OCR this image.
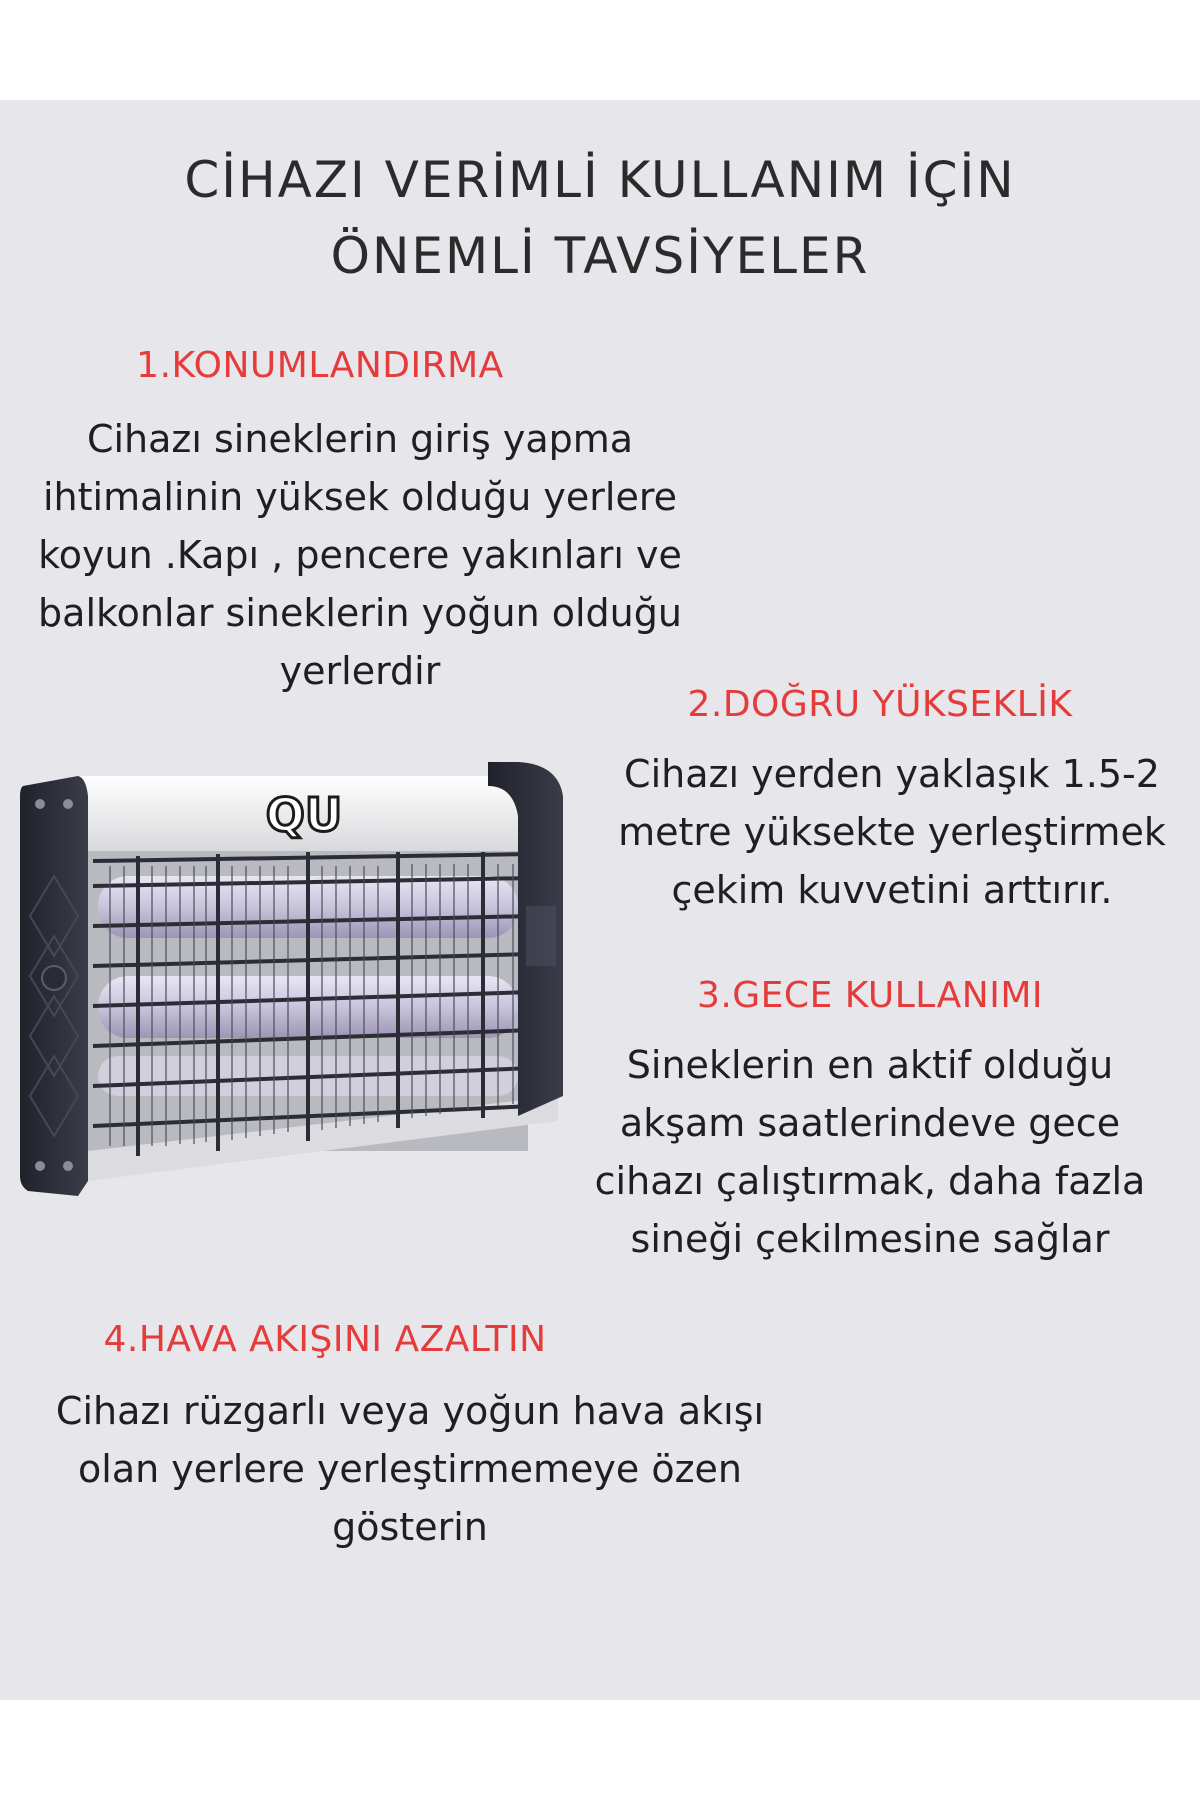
CİHAZI VERİMLİ KULLANIM İÇİN
ÖNEMLİ TAVSİYELER
1.KONUMLANDIRMA
Cihazı sineklerin giriş yapma ihtimalinin yüksek olduğu yerlere koyun .Kapı , pencere yakınları ve balkonlar sineklerin yoğun olduğu yerlerdir
2.DOĞRU YÜKSEKLİK
Cihazı yerden yaklaşık 1.5-2 metre yüksekte yerleştirmek çekim kuvvetini arttırır.
3.GECE KULLANIMI
Sineklerin en aktif olduğu akşam saatlerindeve gece cihazı çalıştırmak, daha fazla sineği çekilmesine sağlar
4.HAVA AKIŞINI AZALTIN
Cihazı rüzgarlı veya yoğun hava akışı olan yerlere yerleştirmemeye özen gösterin
QU
